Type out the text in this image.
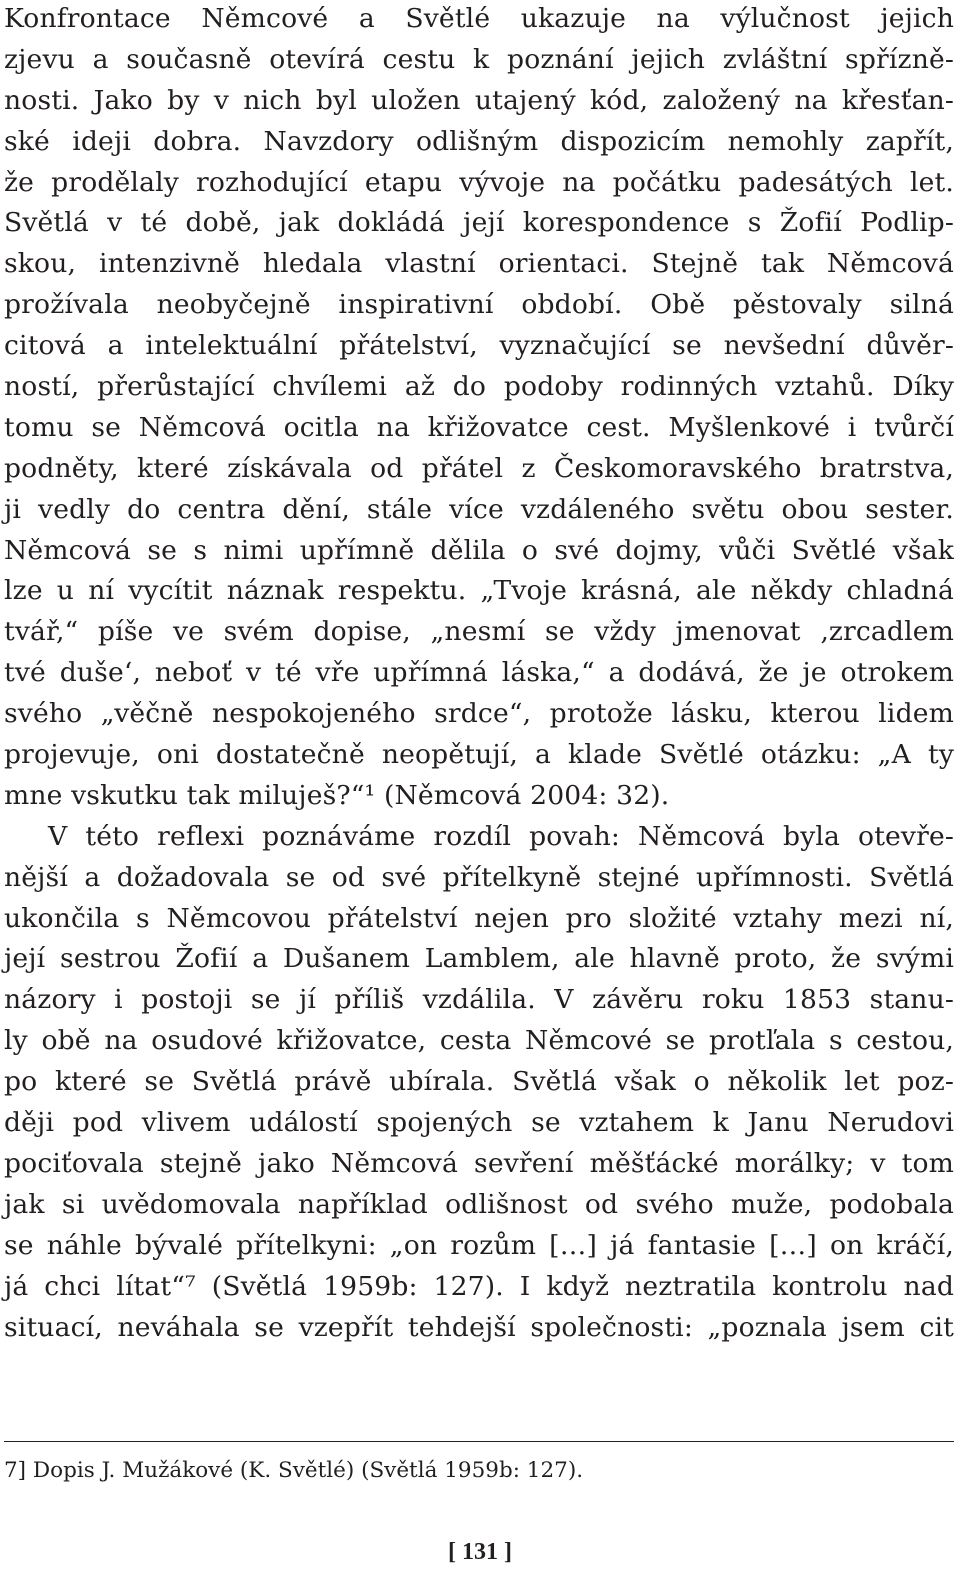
Konfrontace Němcové a Světlé ukazuje na výlučnost jejich
zjevu a současně otevírá cestu k poznání jejich zvláštní spřízně-
nosti. Jako by v nich byl uložen utajený kód, založený na křesťan-
ské ideji dobra. Navzdory odlišným dispozicím nemohly zapřít,
že prodělaly rozhodující etapu vývoje na počátku padesátých let.
Světlá v té době, jak dokládá její korespondence s Žofií Podlip-
skou, intenzivně hledala vlastní orientaci. Stejně tak Němcová
prožívala neobyčejně inspirativní období. Obě pěstovaly silná
citová a intelektuální přátelství, vyznačující se nevšední důvěr-
ností, přerůstající chvílemi až do podoby rodinných vztahů. Díky
tomu se Němcová ocitla na křižovatce cest. Myšlenkové i tvůrčí
podněty, které získávala od přátel z Českomoravského bratrstva,
ji vedly do centra dění, stále více vzdáleného světu obou sester.
Němcová se s nimi upřímně dělila o své dojmy, vůči Světlé však
lze u ní vycítit náznak respektu. „Tvoje krásná, ale někdy chladná
tvář,“ píše ve svém dopise, „nesmí se vždy jmenovat ‚zrcadlem
tvé duše‘, neboť v té vře upřímná láska,“ a dodává, že je otrokem
svého „věčně nespokojeného srdce“, protože lásku, kterou lidem
projevuje, oni dostatečně neopětují, a klade Světlé otázku: „A ty
mne vskutku tak miluješ?“¹ (Němcová 2004: 32).
V této reflexi poznáváme rozdíl povah: Němcová byla otevře-
nější a dožadovala se od své přítelkyně stejné upřímnosti. Světlá
ukončila s Němcovou přátelství nejen pro složité vztahy mezi ní,
její sestrou Žofií a Dušanem Lamblem, ale hlavně proto, že svými
názory i postoji se jí příliš vzdálila. V závěru roku 1853 stanu-
ly obě na osudové křižovatce, cesta Němcové se protľala s cestou,
po které se Světlá právě ubírala. Světlá však o několik let poz-
ději pod vlivem událostí spojených se vztahem k Janu Nerudovi
pociťovala stejně jako Němcová sevření měšťácké morálky; v tom
jak si uvědomovala například odlišnost od svého muže, podobala
se náhle bývalé přítelkyni: „on rozům […] já fantasie […] on kráčí,
já chci lítat“⁷ (Světlá 1959b: 127). I když neztratila kontrolu nad
situací, neváhala se vzepřít tehdejší společnosti: „poznala jsem cit
7] Dopis J. Mužákové (K. Světlé) (Světlá 1959b: 127).
[ 131 ]
